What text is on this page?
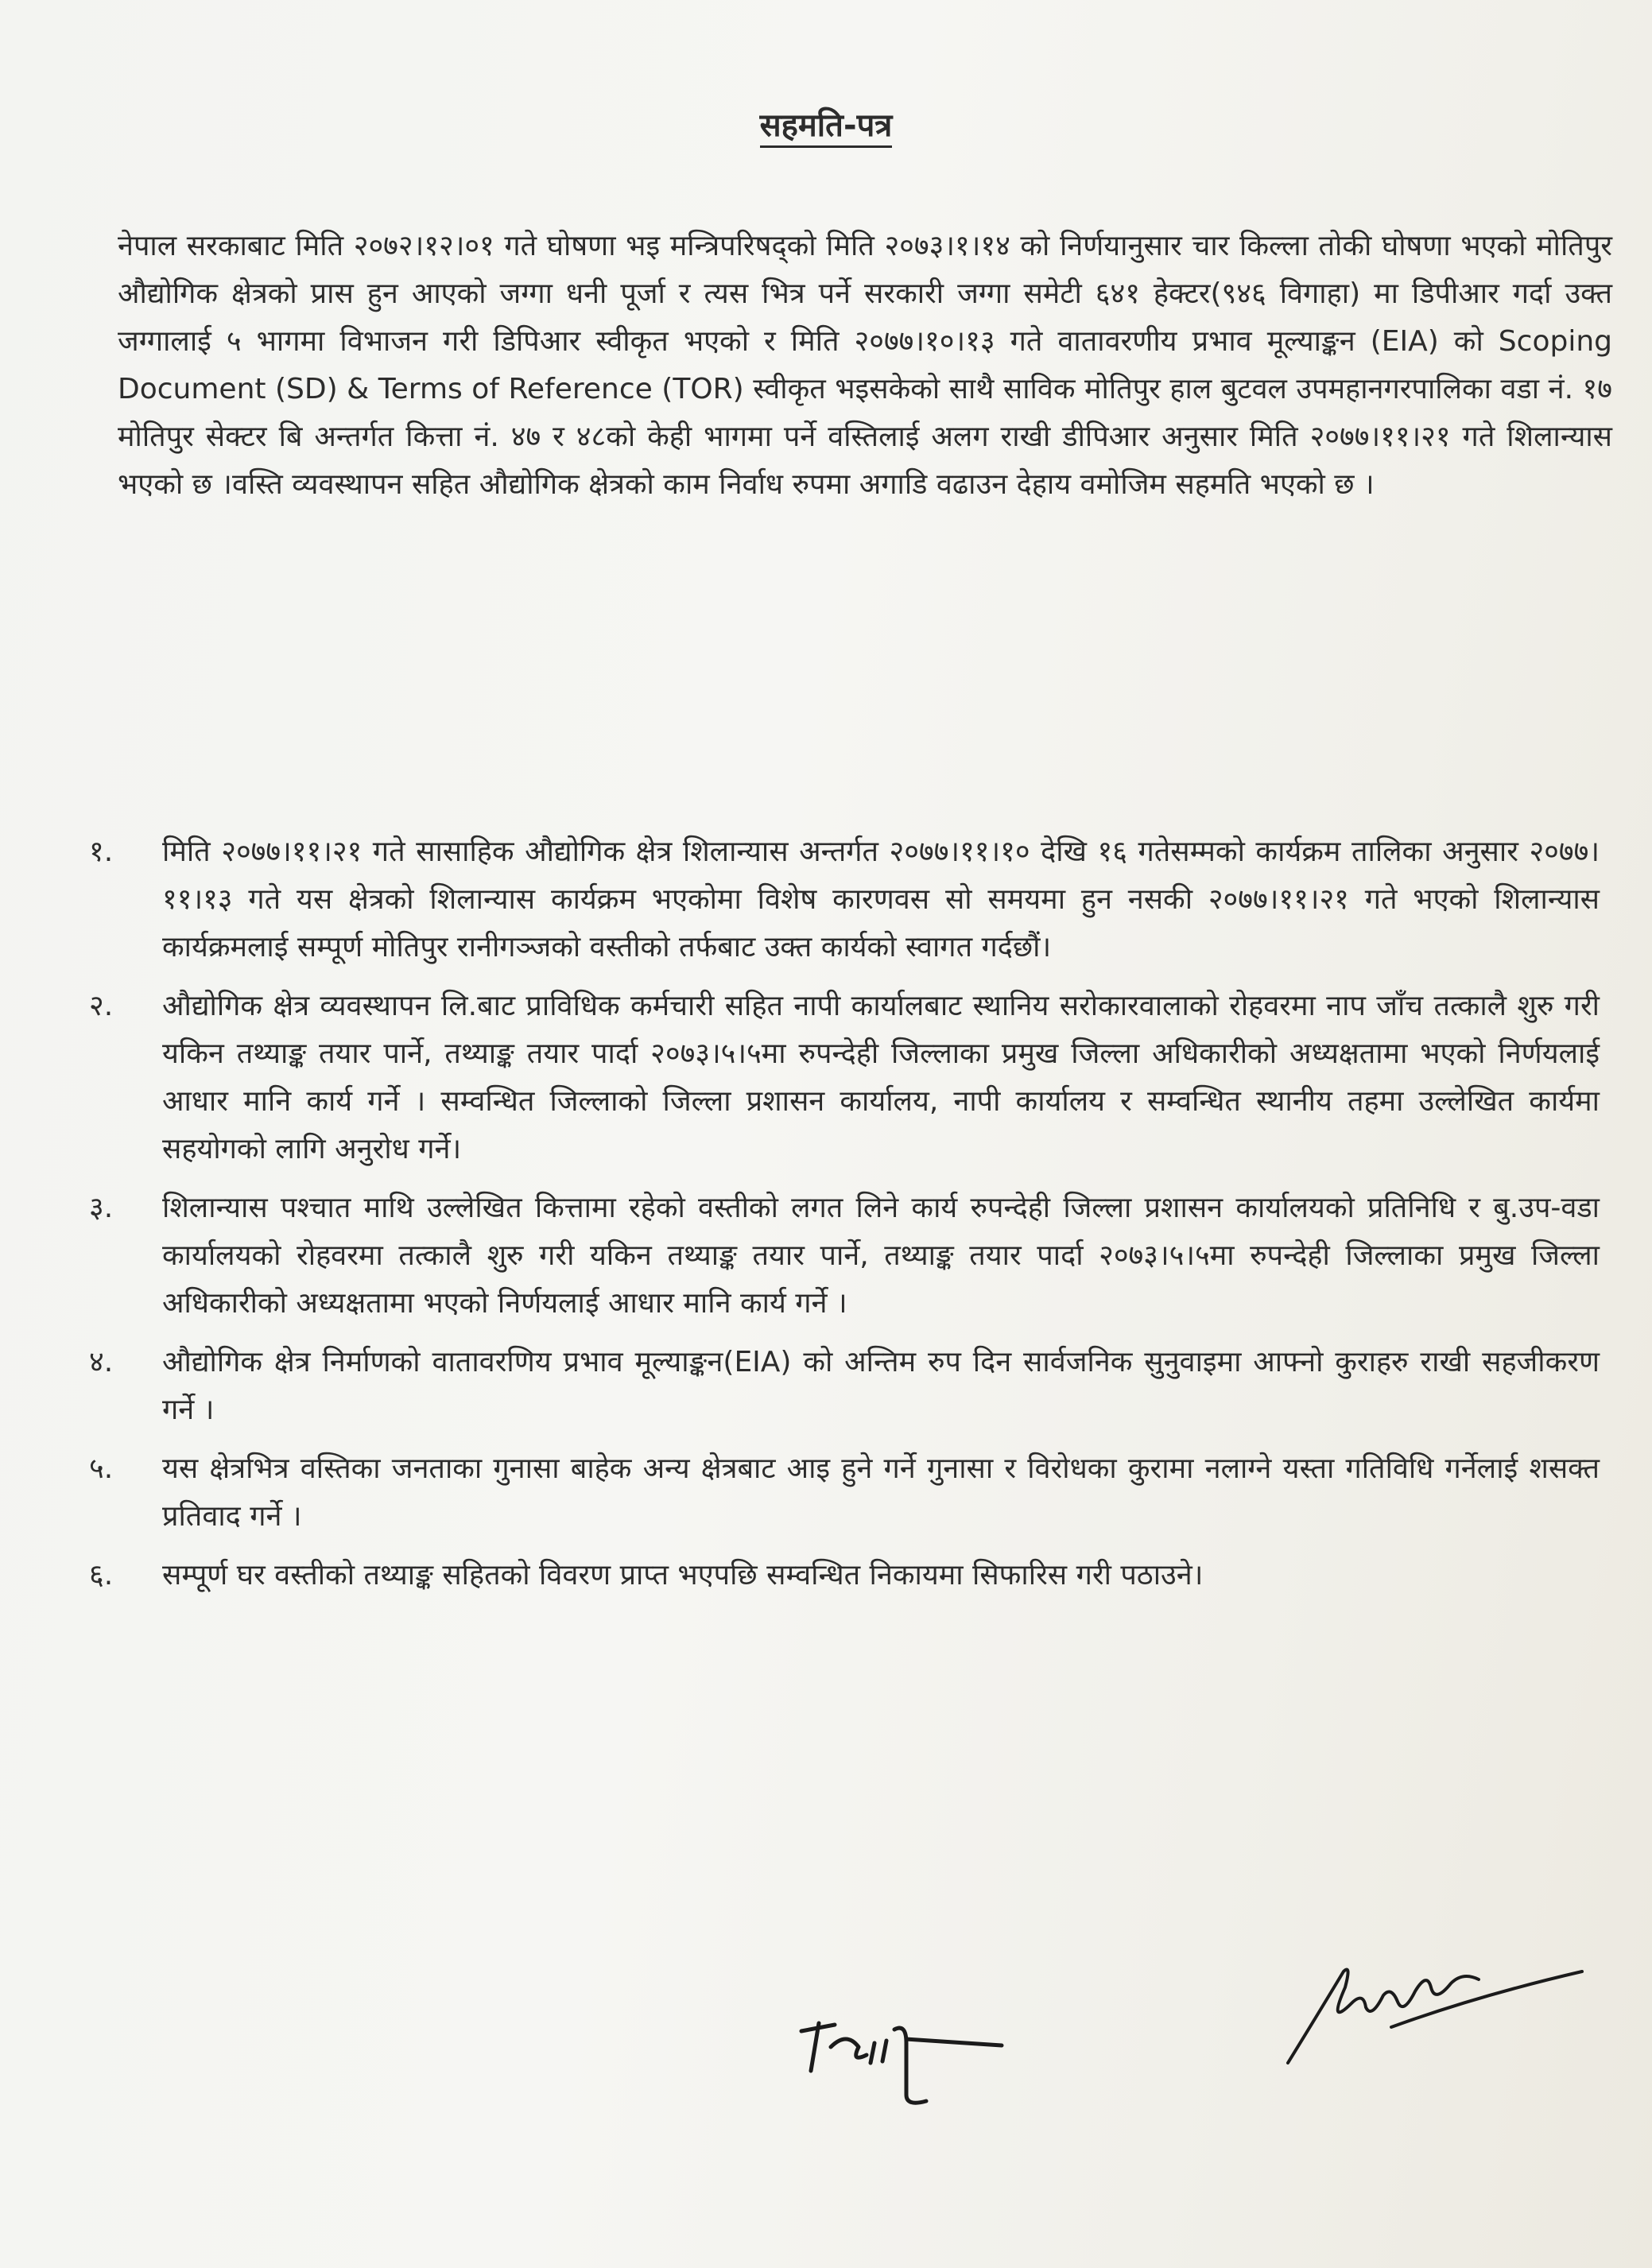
सहमति-पत्र

नेपाल सरकाबाट मिति २०७२।१२।०१ गते घोषणा भइ मन्त्रिपरिषद्को मिति २०७३।१।१४ को निर्णयानुसार चार किल्ला तोकी घोषणा भएको मोतिपुर औद्योगिक क्षेत्रको प्रास हुन आएको जग्गा धनी पूर्जा र त्यस भित्र पर्ने सरकारी जग्गा समेटी ६४१ हेक्टर(९४६ विगाहा) मा डिपीआर गर्दा उक्त जग्गालाई ५ भागमा विभाजन गरी डिपिआर स्वीकृत भएको र मिति २०७७।१०।१३ गते वातावरणीय प्रभाव मूल्याङ्कन (EIA) को Scoping Document (SD) & Terms of Reference (TOR) स्वीकृत भइसकेको साथै साविक मोतिपुर हाल बुटवल उपमहानगरपालिका वडा नं. १७ मोतिपुर सेक्टर बि अन्तर्गत कित्ता नं. ४७ र ४८को केही भागमा पर्ने वस्तिलाई अलग राखी डीपिआर अनुसार मिति २०७७।११।२१ गते शिलान्यास भएको छ ।वस्ति व्यवस्थापन सहित औद्योगिक क्षेत्रको काम निर्वाध रुपमा अगाडि वढाउन देहाय वमोजिम सहमति भएको छ ।

१.	मिति २०७७।११।२१ गते सासाहिक औद्योगिक क्षेत्र शिलान्यास अन्तर्गत २०७७।११।१० देखि १६ गतेसम्मको कार्यक्रम तालिका अनुसार २०७७।११।१३ गते यस क्षेत्रको शिलान्यास कार्यक्रम भएकोमा विशेष कारणवस सो समयमा हुन नसकी २०७७।११।२१ गते भएको शिलान्यास कार्यक्रमलाई सम्पूर्ण मोतिपुर रानीगञ्जको वस्तीको तर्फबाट उक्त कार्यको स्वागत गर्दछौं।
२.	औद्योगिक क्षेत्र व्यवस्थापन लि.बाट प्राविधिक कर्मचारी सहित नापी कार्यालबाट स्थानिय सरोकारवालाको रोहवरमा नाप जाँच तत्कालै शुरु गरी यकिन तथ्याङ्क तयार पार्ने, तथ्याङ्क तयार पार्दा २०७३।५।५मा रुपन्देही जिल्लाका प्रमुख जिल्ला अधिकारीको अध्यक्षतामा भएको निर्णयलाई आधार मानि कार्य गर्ने । सम्वन्धित जिल्लाको जिल्ला प्रशासन कार्यालय, नापी कार्यालय र सम्वन्धित स्थानीय तहमा उल्लेखित कार्यमा सहयोगको लागि अनुरोध गर्ने।
३.	शिलान्यास पश्चात माथि उल्लेखित कित्तामा रहेको वस्तीको लगत लिने कार्य रुपन्देही जिल्ला प्रशासन कार्यालयको प्रतिनिधि र बु.उप-वडा कार्यालयको रोहवरमा तत्कालै शुरु गरी यकिन तथ्याङ्क तयार पार्ने, तथ्याङ्क तयार पार्दा २०७३।५।५मा रुपन्देही जिल्लाका प्रमुख जिल्ला अधिकारीको अध्यक्षतामा भएको निर्णयलाई आधार मानि कार्य गर्ने ।
४.	औद्योगिक क्षेत्र निर्माणको वातावरणिय प्रभाव मूल्याङ्कन(EIA) को अन्तिम रुप दिन सार्वजनिक सुनुवाइमा आफ्नो कुराहरु राखी सहजीकरण गर्ने ।
५.	यस क्षेत्रभित्र वस्तिका जनताका गुनासा बाहेक अन्य क्षेत्रबाट आइ हुने गर्ने गुनासा र विरोधका कुरामा नलाग्ने यस्ता गतिविधि गर्नेलाई शसक्त प्रतिवाद गर्ने ।
६.	सम्पूर्ण घर वस्तीको तथ्याङ्क सहितको विवरण प्राप्त भएपछि सम्वन्धित निकायमा सिफारिस गरी पठाउने।
